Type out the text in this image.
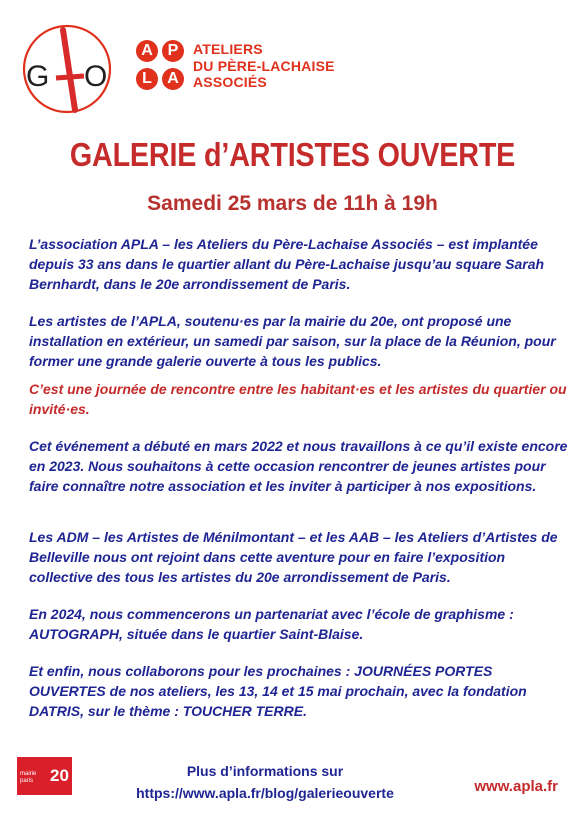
G O
A P
L A
ATELIERS
DU PÈRE-LACHAISE
ASSOCIÉS
GALERIE d’ARTISTES OUVERTE
Samedi 25 mars de 11h à 19h
L’association APLA – les Ateliers du Père-Lachaise Associés – est implantée depuis 33 ans dans le quartier allant du Père-Lachaise jusqu’au square Sarah Bernhardt, dans le 20e arrondissement de Paris.
Les artistes de l’APLA, soutenu·es par la mairie du 20e, ont proposé une installation en extérieur, un samedi par saison, sur la place de la Réunion, pour former une grande galerie ouverte à tous les publics.
C’est une journée de rencontre entre les habitant·es et les artistes du quartier ou invité·es.
Cet événement a débuté en mars 2022 et nous travaillons à ce qu’il existe encore en 2023. Nous souhaitons à cette occasion rencontrer de jeunes artistes pour faire connaître notre association et les inviter à participer à nos expositions.
Les ADM – les Artistes de Ménilmontant – et les AAB – les Ateliers d’Artistes de Belleville nous ont rejoint dans cette aventure pour en faire l’exposition collective des tous les artistes du 20e arrondissement de Paris.
En 2024, nous commencerons un partenariat avec l’école de graphisme : AUTOGRAPH, située dans le quartier Saint-Blaise.
Et enfin, nous collaborons pour les prochaines : JOURNÉES PORTES OUVERTES de nos ateliers, les 13, 14 et 15 mai prochain, avec la fondation DATRIS, sur le thème : TOUCHER TERRE.
mairie
paris 20	Plus d’informations sur
https://www.apla.fr/blog/galerieouverte	www.apla.fr
